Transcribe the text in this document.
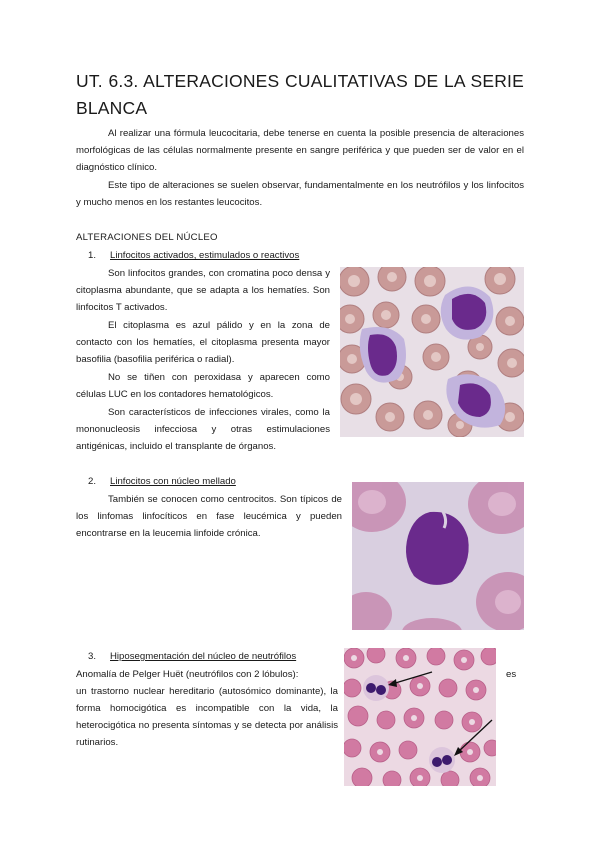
UT. 6.3. ALTERACIONES CUALITATIVAS DE LA SERIE
BLANCA

Al realizar una fórmula leucocitaria, debe tenerse en cuenta la posible presencia de alteraciones morfológicas de las células normalmente presente en sangre periférica y que pueden ser de valor en el diagnóstico clínico.

Este tipo de alteraciones se suelen observar, fundamentalmente en los neutrófilos y los linfocitos y mucho menos en los restantes leucocitos.

ALTERACIONES DEL NÚCLEO
1. Linfocitos activados, estimulados o reactivos

Son linfocitos grandes, con cromatina poco densa y citoplasma abundante, que se adapta a los hematíes. Son linfocitos T activados.

El citoplasma es azul pálido y en la zona de contacto con los hematíes, el citoplasma presenta mayor basofilia (basofilia periférica o radial).

No se tiñen con peroxidasa y aparecen como células LUC en los contadores hematológicos.

Son característicos de infecciones virales, como la mononucleosis infecciosa y otras estimulaciones antigénicas, incluido el transplante de órganos.

2. Linfocitos con núcleo mellado

También se conocen como centrocitos. Son típicos de los linfomas linfocíticos en fase leucémica y pueden encontrarse en la leucemia linfoide crónica.

3. Hiposegmentación del núcleo de neutrófilos
Anomalía de Pelger Huët (neutrófilos con 2 lóbulos):	es

un trastorno nuclear hereditario (autosómico dominante), la forma homocigótica es incompatible con la vida, la heterocigótica no presenta síntomas y se detecta por análisis rutinarios.
